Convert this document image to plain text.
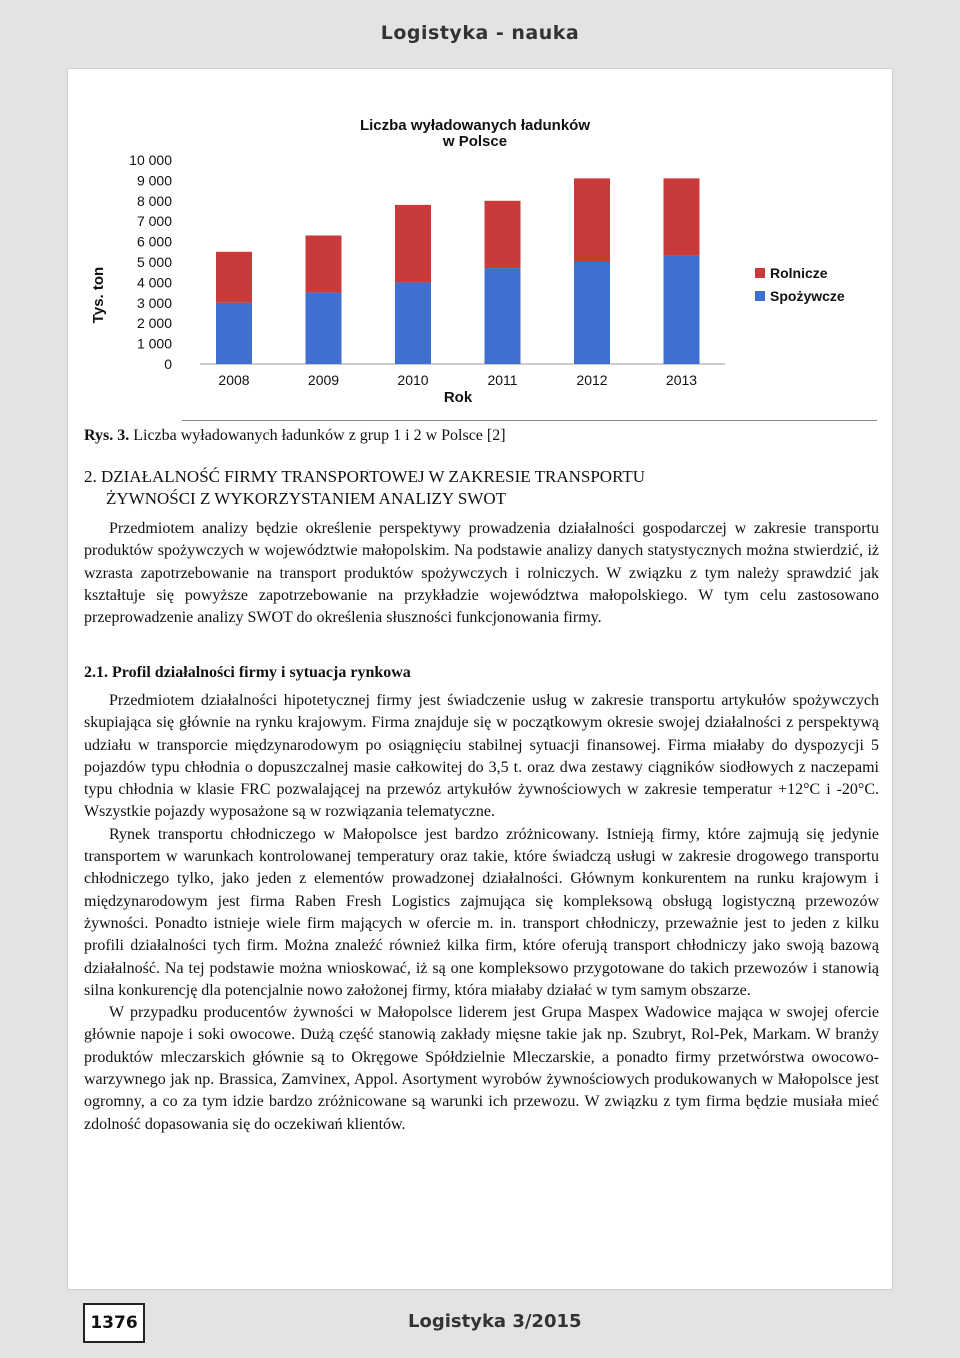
Logistyka - nauka
Liczba wyładowanych ładunków
w Polsce
Tys. ton
0
1 000
2 000
3 000
4 000
5 000
6 000
7 000
8 000
9 000
10 000
2008	2009	2010	2011	2012	2013
Rok
Rolnicze
Spożywcze
Rys. 3. Liczba wyładowanych ładunków z grup 1 i 2 w Polsce [2]
2. DZIAŁALNOŚĆ FIRMY TRANSPORTOWEJ W ZAKRESIE TRANSPORTU
ŻYWNOŚCI Z WYKORZYSTANIEM ANALIZY SWOT

Przedmiotem analizy będzie określenie perspektywy prowadzenia działalności gospodarczej w zakresie transportu produktów spożywczych w województwie małopolskim. Na podstawie analizy danych statystycznych można stwierdzić, iż wzrasta zapotrzebowanie na transport produktów spożywczych i rolniczych. W związku z tym należy sprawdzić jak kształtuje się powyższe zapotrzebowanie na przykładzie województwa małopolskiego. W tym celu zastosowano przeprowadzenie analizy SWOT do określenia słuszności funkcjonowania firmy.

2.1. Profil działalności firmy i sytuacja rynkowa

Przedmiotem działalności hipotetycznej firmy jest świadczenie usług w zakresie transportu artykułów spożywczych skupiająca się głównie na rynku krajowym. Firma znajduje się w początkowym okresie swojej działalności z perspektywą udziału w transporcie międzynarodowym po osiągnięciu stabilnej sytuacji finansowej. Firma miałaby do dyspozycji 5 pojazdów typu chłodnia o dopuszczalnej masie całkowitej do 3,5 t. oraz dwa zestawy ciągników siodłowych z naczepami typu chłodnia w klasie FRC pozwalającej na przewóz artykułów żywnościowych w zakresie temperatur +12°C i -20°C. Wszystkie pojazdy wyposażone są w rozwiązania telematyczne.

Rynek transportu chłodniczego w Małopolsce jest bardzo zróżnicowany. Istnieją firmy, które zajmują się jedynie transportem w warunkach kontrolowanej temperatury oraz takie, które świadczą usługi w zakresie drogowego transportu chłodniczego tylko, jako jeden z elementów prowadzonej działalności. Głównym konkurentem na runku krajowym i międzynarodowym jest firma Raben Fresh Logistics zajmująca się kompleksową obsługą logistyczną przewozów żywności. Ponadto istnieje wiele firm mających w ofercie m. in. transport chłodniczy, przeważnie jest to jeden z kilku profili działalności tych firm. Można znaleźć również kilka firm, które oferują transport chłodniczy jako swoją bazową działalność. Na tej podstawie można wnioskować, iż są one kompleksowo przygotowane do takich przewozów i stanowią silna konkurencję dla potencjalnie nowo założonej firmy, która miałaby działać w tym samym obszarze.

W przypadku producentów żywności w Małopolsce liderem jest Grupa Maspex Wadowice mająca w swojej ofercie głównie napoje i soki owocowe. Dużą część stanowią zakłady mięsne takie jak np. Szubryt, Rol-Pek, Markam. W branży produktów mleczarskich głównie są to Okręgowe Spółdzielnie Mleczarskie, a ponadto firmy przetwórstwa owocowo-warzywnego jak np. Brassica, Zamvinex, Appol. Asortyment wyrobów żywnościowych produkowanych w Małopolsce jest ogromny, a co za tym idzie bardzo zróżnicowane są warunki ich przewozu. W związku z tym firma będzie musiała mieć zdolność dopasowania się do oczekiwań klientów.

1376	Logistyka 3/2015
